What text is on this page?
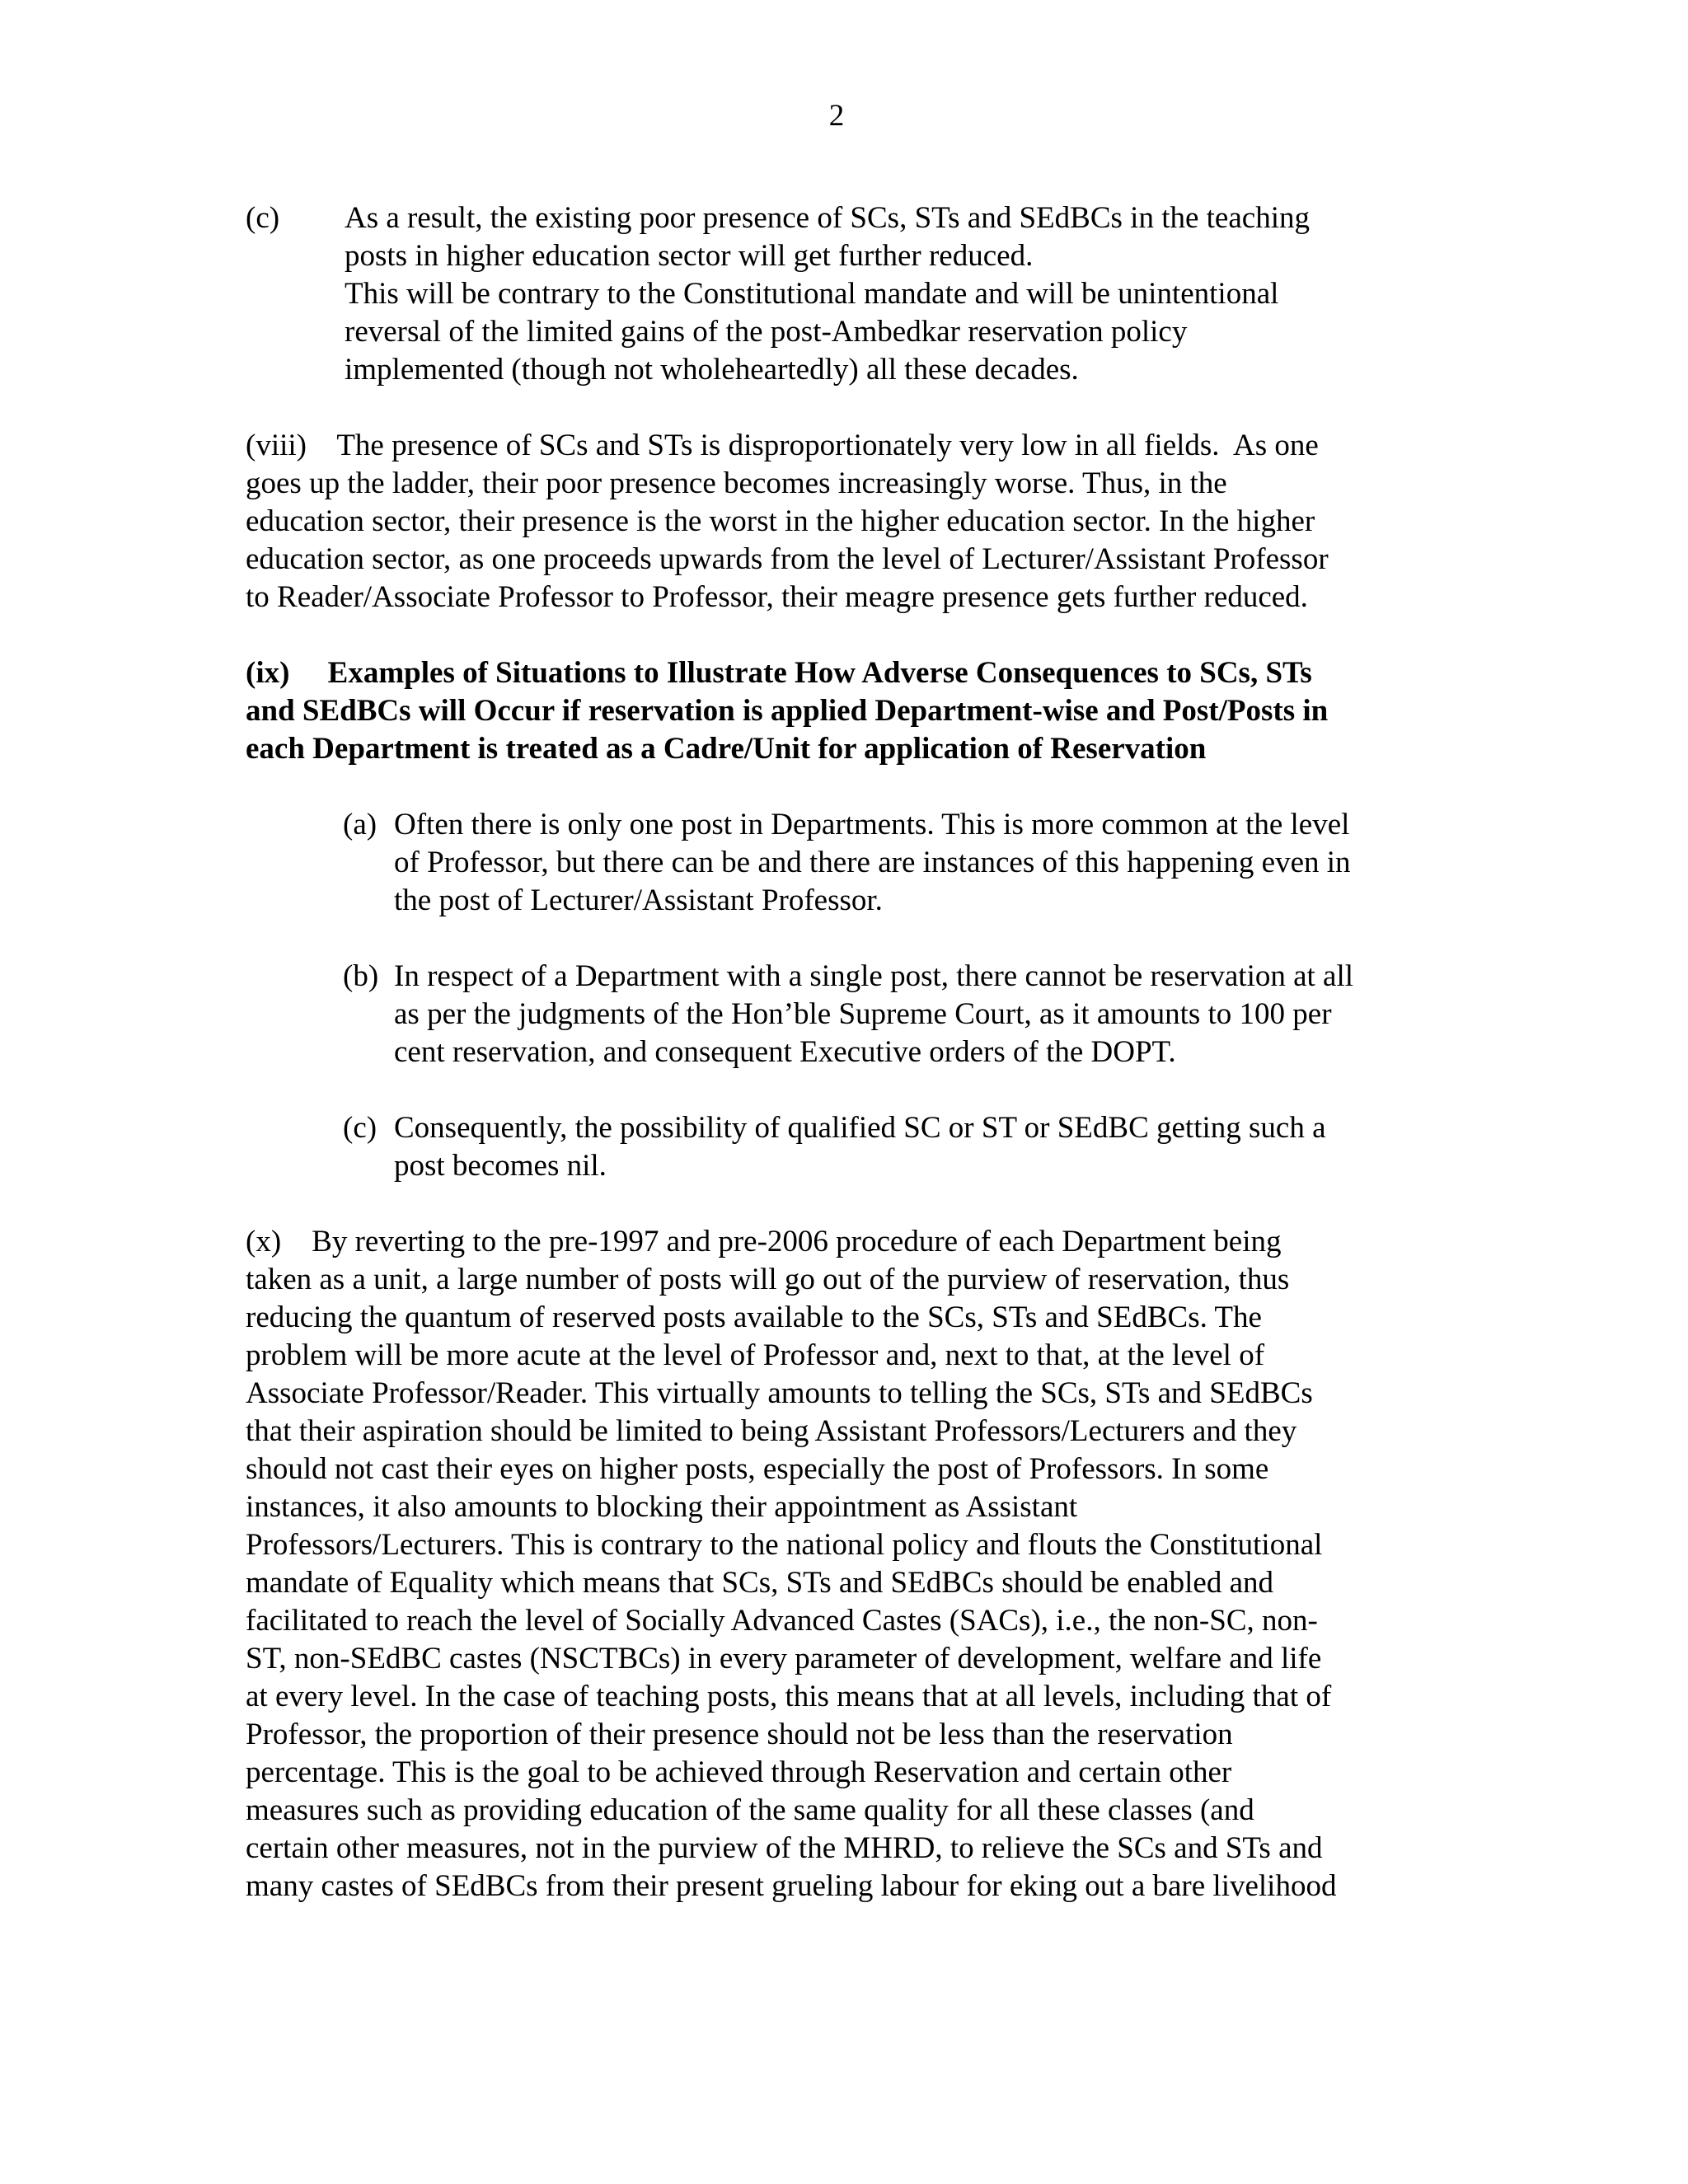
2
(c) As a result, the existing poor presence of SCs, STs and SEdBCs in the teaching
posts in higher education sector will get further reduced.
This will be contrary to the Constitutional mandate and will be unintentional
reversal of the limited gains of the post-Ambedkar reservation policy
implemented (though not wholeheartedly) all these decades.
(viii)    The presence of SCs and STs is disproportionately very low in all fields.  As one
goes up the ladder, their poor presence becomes increasingly worse. Thus, in the
education sector, their presence is the worst in the higher education sector. In the higher
education sector, as one proceeds upwards from the level of Lecturer/Assistant Professor
to Reader/Associate Professor to Professor, their meagre presence gets further reduced.
(ix)     Examples of Situations to Illustrate How Adverse Consequences to SCs, STs
and SEdBCs will Occur if reservation is applied Department-wise and Post/Posts in
each Department is treated as a Cadre/Unit for application of Reservation
(a) Often there is only one post in Departments. This is more common at the level
of Professor, but there can be and there are instances of this happening even in
the post of Lecturer/Assistant Professor.
(b) In respect of a Department with a single post, there cannot be reservation at all
as per the judgments of the Hon’ble Supreme Court, as it amounts to 100 per
cent reservation, and consequent Executive orders of the DOPT.
(c) Consequently, the possibility of qualified SC or ST or SEdBC getting such a
post becomes nil.
(x)    By reverting to the pre-1997 and pre-2006 procedure of each Department being
taken as a unit, a large number of posts will go out of the purview of reservation, thus
reducing the quantum of reserved posts available to the SCs, STs and SEdBCs. The
problem will be more acute at the level of Professor and, next to that, at the level of
Associate Professor/Reader. This virtually amounts to telling the SCs, STs and SEdBCs
that their aspiration should be limited to being Assistant Professors/Lecturers and they
should not cast their eyes on higher posts, especially the post of Professors. In some
instances, it also amounts to blocking their appointment as Assistant
Professors/Lecturers. This is contrary to the national policy and flouts the Constitutional
mandate of Equality which means that SCs, STs and SEdBCs should be enabled and
facilitated to reach the level of Socially Advanced Castes (SACs), i.e., the non-SC, non-
ST, non-SEdBC castes (NSCTBCs) in every parameter of development, welfare and life
at every level. In the case of teaching posts, this means that at all levels, including that of
Professor, the proportion of their presence should not be less than the reservation
percentage. This is the goal to be achieved through Reservation and certain other
measures such as providing education of the same quality for all these classes (and
certain other measures, not in the purview of the MHRD, to relieve the SCs and STs and
many castes of SEdBCs from their present grueling labour for eking out a bare livelihood
